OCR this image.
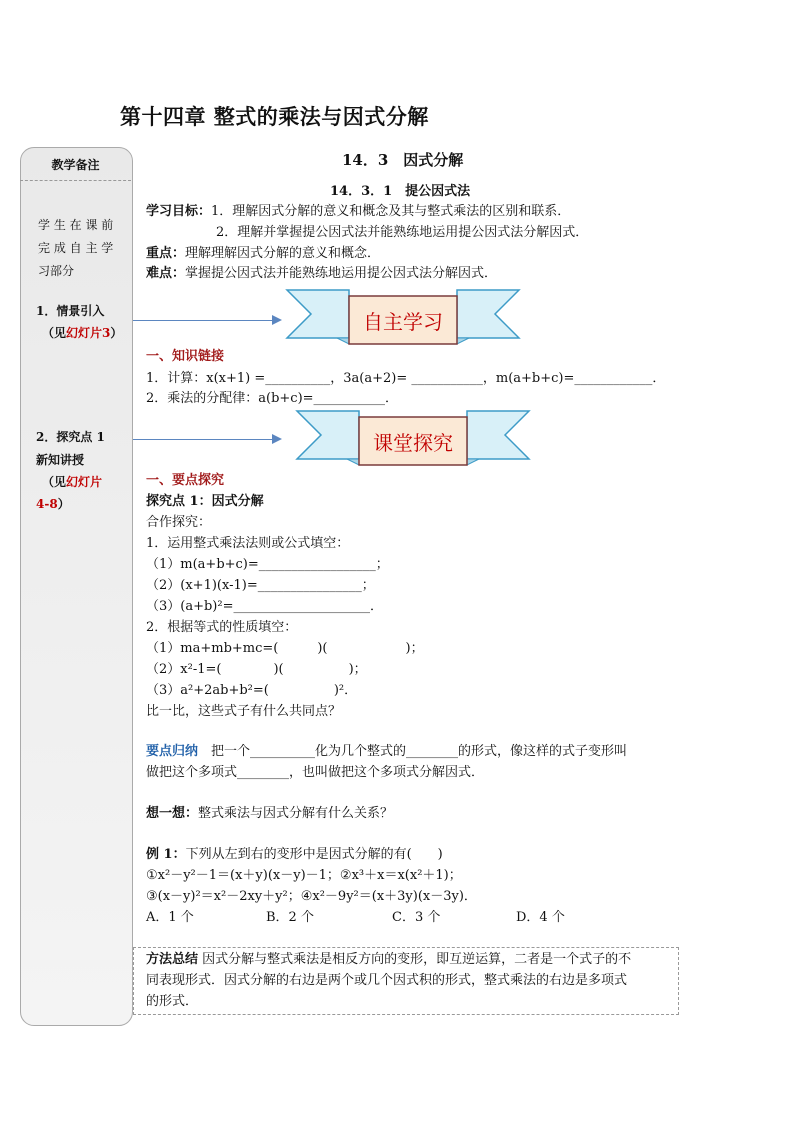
第十四章 整式的乘法与因式分解
教学备注
学 生 在 课 前
完 成 自 主 学
习部分
1．情景引入
（见幻灯片3）
2．探究点 1
新知讲授
（见幻灯片
4-8）
14．3　因式分解
14．3．1　提公因式法
学习目标：1．理解因式分解的意义和概念及其与整式乘法的区别和联系．
2．理解并掌握提公因式法并能熟练地运用提公因式法分解因式．
重点：理解理解因式分解的意义和概念．
难点：掌握提公因式法并能熟练地运用提公因式法分解因式．
自主学习
一、知识链接
1．计算：x(x+1) =__________，3a(a+2)= ___________，m(a+b+c)=____________．
2．乘法的分配律：a(b+c)=___________．
课堂探究
一、要点探究
探究点 1：因式分解
合作探究：
1．运用整式乘法法则或公式填空：
（1）m(a+b+c)=__________________；
（2）(x+1)(x-1)=________________；
（3）(a+b)²=_____________________．
2．根据等式的性质填空：
（1）ma+mb+mc=(　　　)(　　　　　　)；
（2）x²-1=(　　　　)(　　　　　)；
（3）a²+2ab+b²=(　　　　　)²．
比一比，这些式子有什么共同点？
要点归纳　把一个__________化为几个整式的________的形式，像这样的式子变形叫
做把这个多项式________，也叫做把这个多项式分解因式．
想一想：整式乘法与因式分解有什么关系？
例 1：下列从左到右的变形中是因式分解的有(　　)
①x²－y²－1＝(x＋y)(x－y)－1；②x³＋x＝x(x²＋1)；
③(x－y)²＝x²－2xy＋y²；④x²－9y²＝(x＋3y)(x－3y)．
A．1 个	B．2 个	C．3 个	D．4 个
方法总结 因式分解与整式乘法是相反方向的变形，即互逆运算，二者是一个式子的不
同表现形式．因式分解的右边是两个或几个因式积的形式，整式乘法的右边是多项式
的形式．
